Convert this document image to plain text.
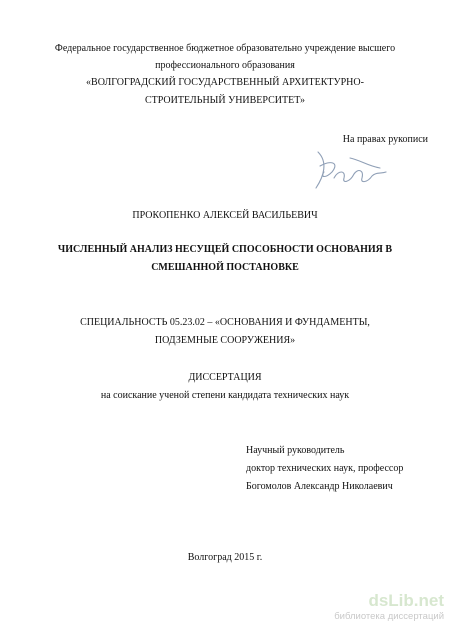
Федеральное государственное бюджетное образовательно учреждение высшего
профессионального образования
«ВОЛГОГРАДСКИЙ ГОСУДАРСТВЕННЫЙ АРХИТЕКТУРНО-
СТРОИТЕЛЬНЫЙ УНИВЕРСИТЕТ»
На правах рукописи
ПРОКОПЕНКО АЛЕКСЕЙ ВАСИЛЬЕВИЧ
ЧИСЛЕННЫЙ АНАЛИЗ НЕСУЩЕЙ СПОСОБНОСТИ ОСНОВАНИЯ В
СМЕШАННОЙ ПОСТАНОВКЕ
СПЕЦИАЛЬНОСТЬ 05.23.02 – «ОСНОВАНИЯ И ФУНДАМЕНТЫ,
ПОДЗЕМНЫЕ СООРУЖЕНИЯ»
ДИССЕРТАЦИЯ
на соискание ученой степени кандидата технических наук
Научный руководитель
доктор технических наук, профессор
Богомолов Александр Николаевич
Волгоград 2015 г.
dsLib.net
библиотека диссертаций
